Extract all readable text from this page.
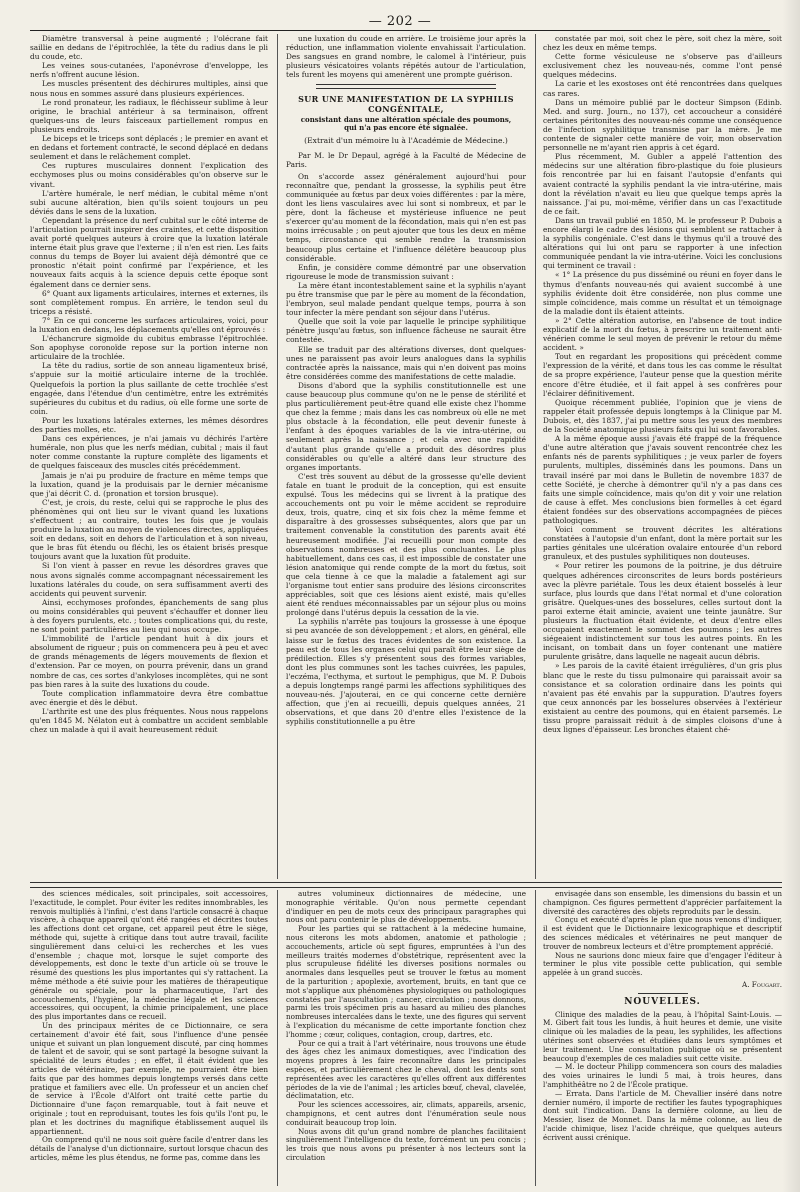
— 202 —

Diamètre transversal à peine augmenté ; l'olécrane fait saillie en dedans de l'épitrochlée, la tête du radius dans le pli du coude, etc.

Les veines sous-cutanées, l'aponévrose d'enveloppe, les nerfs n'offrent aucune lésion.

Les muscles présentent des déchirures multiples, ainsi que nous nous en sommes assuré dans plusieurs expériences.

Le rond pronateur, les radiaux, le fléchisseur sublime à leur origine, le brachial antérieur à sa terminaison, offrent quelques-uns de leurs faisceaux partiellement rompus en plusieurs endroits.

Le biceps et le triceps sont déplacés ; le premier en avant et en dedans et fortement contracté, le second déplacé en dedans seulement et dans le relâchement complet.

Ces ruptures musculaires donnent l'explication des ecchymoses plus ou moins considérables qu'on observe sur le vivant.

L'artère humérale, le nerf médian, le cubital même n'ont subi aucune altération, bien qu'ils soient toujours un peu déviés dans le sens de la luxation.

Cependant la présence du nerf cubital sur le côté interne de l'articulation pourrait inspirer des craintes, et cette disposition avait porté quelques auteurs à croire que la luxation latérale interne était plus grave que l'externe ; il n'en est rien. Les faits connus du temps de Boyer lui avaient déjà démontré que ce pronostic n'était point confirmé par l'expérience, et les nouveaux faits acquis à la science depuis cette époque sont également dans ce dernier sens.

6° Quant aux ligaments articulaires, internes et externes, ils sont complètement rompus. En arrière, le tendon seul du triceps a résisté.

7° En ce qui concerne les surfaces articulaires, voici, pour la luxation en dedans, les déplacements qu'elles ont éprouvés :

L'échancrure sigmoïde du cubitus embrasse l'épitrochlée. Son apophyse coronoïde repose sur la portion interne non articulaire de la trochlée.

La tête du radius, sortie de son anneau ligamenteux brisé, s'appuie sur la moitié articulaire interne de la trochlée. Quelquefois la portion la plus saillante de cette trochlée s'est engagée, dans l'étendue d'un centimètre, entre les extrémités supérieures du cubitus et du radius, où elle forme une sorte de coin.

Pour les luxations latérales externes, les mêmes désordres des parties molles, etc.

Dans ces expériences, je n'ai jamais vu déchirés l'artère humérale, non plus que les nerfs médian, cubital ; mais il faut noter comme constante la rupture complète des ligaments et de quelques faisceaux des muscles cités précédemment.

Jamais je n'ai pu produire de fracture en même temps que la luxation, quand je la produisais par le dernier mécanisme que j'ai décrit C. d. (pronation et torsion brusque).

C'est, je crois, du reste, celui qui se rapproche le plus des phénomènes qui ont lieu sur le vivant quand les luxations s'effectuent ; au contraire, toutes les fois que je voulais produire la luxation au moyen de violences directes, appliquées soit en dedans, soit en dehors de l'articulation et à son niveau, que le bras fût étendu ou fléchi, les os étaient brisés presque toujours avant que la luxation fût produite.

Si l'on vient à passer en revue les désordres graves que nous avons signalés comme accompagnant nécessairement les luxations latérales du coude, on sera suffisamment averti des accidents qui peuvent survenir.

Ainsi, ecchymoses profondes, épanchements de sang plus ou moins considérables qui peuvent s'échauffer et donner lieu à des foyers purulents, etc. ; toutes complications qui, du reste, ne sont point particulières au lieu qui nous occupe.

L'immobilité de l'article pendant huit à dix jours et absolument de rigueur ; puis on commencera peu à peu et avec de grands ménagements de légers mouvements de flexion et d'extension. Par ce moyen, on pourra prévenir, dans un grand nombre de cas, ces sortes d'ankyloses incomplètes, qui ne sont pas bien rares à la suite des luxations du coude.

Toute complication inflammatoire devra être combattue avec énergie et dès le début.

L'arthrite est une des plus fréquentes. Nous nous rappelons qu'en 1845 M. Nélaton eut à combattre un accident semblable chez un malade à qui il avait heureusement réduit

une luxation du coude en arrière. Le troisième jour après la réduction, une inflammation violente envahissait l'articulation. Des sangsues en grand nombre, le calomel à l'intérieur, puis plusieurs vésicatoires volants répétés autour de l'articulation, tels furent les moyens qui amenèrent une prompte guérison.

SUR UNE MANIFESTATION DE LA SYPHILIS CONGÉNITALE,
consistant dans une altération spéciale des poumons, qui n'a pas encore été signalée.
(Extrait d'un mémoire lu à l'Académie de Médecine.)

Par M. le Dr Depaul, agrégé à la Faculté de Médecine de Paris.

On s'accorde assez généralement aujourd'hui pour reconnaître que, pendant la grossesse, la syphilis peut être communiquée au fœtus par deux voies différentes : par la mère, dont les liens vasculaires avec lui sont si nombreux, et par le père, dont la fâcheuse et mystérieuse influence ne peut s'exercer qu'au moment de la fécondation, mais qui n'en est pas moins irrécusable ; on peut ajouter que tous les deux en même temps, circonstance qui semble rendre la transmission beaucoup plus certaine et l'influence délétère beaucoup plus considérable.

Enfin, je considère comme démontré par une observation rigoureuse le mode de transmission suivant :

La mère étant incontestablement saine et la syphilis n'ayant pu être transmise que par le père au moment de la fécondation, l'embryon, seul malade pendant quelque temps, pourra à son tour infecter la mère pendant son séjour dans l'utérus.

Quelle que soit la voie par laquelle le principe syphilitique pénètre jusqu'au fœtus, son influence fâcheuse ne saurait être contestée.

Elle se traduit par des altérations diverses, dont quelques-unes ne paraissent pas avoir leurs analogues dans la syphilis contractée après la naissance, mais qui n'en doivent pas moins être considérées comme des manifestations de cette maladie.

Disons d'abord que la syphilis constitutionnelle est une cause beaucoup plus commune qu'on ne le pense de stérilité et plus particulièrement peut-être quand elle existe chez l'homme que chez la femme ; mais dans les cas nombreux où elle ne met plus obstacle à la fécondation, elle peut devenir funeste à l'enfant à des époques variables de la vie intra-utérine, ou seulement après la naissance ; et cela avec une rapidité d'autant plus grande qu'elle a produit des désordres plus considérables ou qu'elle a altéré dans leur structure des organes importants.

C'est très souvent au début de la grossesse qu'elle devient fatale en tuant le produit de la conception, qui est ensuite expulsé. Tous les médecins qui se livrent à la pratique des accouchements ont pu voir le même accident se reproduire deux, trois, quatre, cinq et six fois chez la même femme et disparaître à des grossesses subséquentes, alors que par un traitement convenable la constitution des parents avait été heureusement modifiée. J'ai recueilli pour mon compte des observations nombreuses et des plus concluantes. Le plus habituellement, dans ces cas, il est impossible de constater une lésion anatomique qui rende compte de la mort du fœtus, soit que cela tienne à ce que la maladie a fatalement agi sur l'organisme tout entier sans produire des lésions circonscrites appréciables, soit que ces lésions aient existé, mais qu'elles aient été rendues méconnaissables par un séjour plus ou moins prolongé dans l'utérus depuis la cessation de la vie.

La syphilis n'arrête pas toujours la grossesse à une époque si peu avancée de son développement ; et alors, en général, elle laisse sur le fœtus des traces évidentes de son existence. La peau est de tous les organes celui qui paraît être leur siège de prédilection. Elles s'y présentent sous des formes variables, dont les plus communes sont les taches cuivrées, les papules, l'eczéma, l'ecthyma, et surtout le pemphigus, que M. P. Dubois a depuis longtemps rangé parmi les affections syphilitiques des nouveau-nés. J'ajouterai, en ce qui concerne cette dernière affection, que j'en ai recueilli, depuis quelques années, 21 observations, et que dans 20 d'entre elles l'existence de la syphilis constitutionnelle a pu être

constatée par moi, soit chez le père, soit chez la mère, soit chez les deux en même temps.

Cette forme vésiculeuse ne s'observe pas d'ailleurs exclusivement chez les nouveau-nés, comme l'ont pensé quelques médecins.

La carie et les exostoses ont été rencontrées dans quelques cas rares.

Dans un mémoire publié par le docteur Simpson (Edinb. Med. and surg. Journ., no 137), cet accoucheur a considéré certaines péritonites des nouveau-nés comme une conséquence de l'infection syphilitique transmise par la mère. Je me contente de signaler cette manière de voir, mon observation personnelle ne m'ayant rien appris à cet égard.

Plus récemment, M. Gubler a appelé l'attention des médecins sur une altération fibro-plastique du foie plusieurs fois rencontrée par lui en faisant l'autopsie d'enfants qui avaient contracté la syphilis pendant la vie intra-utérine, mais dont la révélation n'avait eu lieu que quelque temps après la naissance. J'ai pu, moi-même, vérifier dans un cas l'exactitude de ce fait.

Dans un travail publié en 1850, M. le professeur P. Dubois a encore élargi le cadre des lésions qui semblent se rattacher à la syphilis congéniale. C'est dans le thymus qu'il a trouvé des altérations qui lui ont paru se rapporter à une infection communiquée pendant la vie intra-utérine. Voici les conclusions qui terminent ce travail :

« 1° La présence du pus disséminé ou réuni en foyer dans le thymus d'enfants nouveau-nés qui avaient succombé à une syphilis évidente doit être considérée, non plus comme une simple coïncidence, mais comme un résultat et un témoignage de la maladie dont ils étaient atteints.

» 2° Cette altération autorise, en l'absence de tout indice explicatif de la mort du fœtus, à prescrire un traitement anti-vénérien comme le seul moyen de prévenir le retour du même accident. »

Tout en regardant les propositions qui précèdent comme l'expression de la vérité, et dans tous les cas comme le résultat de sa propre expérience, l'auteur pense que la question mérite encore d'être étudiée, et il fait appel à ses confrères pour l'éclairer définitivement.

Quoique récemment publiée, l'opinion que je viens de rappeler était professée depuis longtemps à la Clinique par M. Dubois, et, dès 1837, j'ai pu mettre sous les yeux des membres de la Société anatomique plusieurs faits qui lui sont favorables.

A la même époque aussi j'avais été frappé de la fréquence d'une autre altération que j'avais souvent rencontrée chez les enfants nés de parents syphilitiques ; je veux parler de foyers purulents, multiples, disséminés dans les poumons. Dans un travail inséré par moi dans le Bulletin de novembre 1837 de cette Société, je cherche à démontrer qu'il n'y a pas dans ces faits une simple coïncidence, mais qu'on dit y voir une relation de cause à effet. Mes conclusions bien formelles à cet égard étaient fondées sur des observations accompagnées de pièces pathologiques.

Voici comment se trouvent décrites les altérations constatées à l'autopsie d'un enfant, dont la mère portait sur les parties génitales une ulcération ovalaire entourée d'un rebord granuleux, et des pustules syphilitiques non douteuses.

« Pour retirer les poumons de la poitrine, je dus détruire quelques adhérences circonscrites de leurs bords postérieurs avec la plèvre pariétale. Tous les deux étaient bosselés à leur surface, plus lourds que dans l'état normal et d'une coloration grisâtre. Quelques-unes des bosselures, celles surtout dont la paroi externe était amincie, avaient une teinte jaunâtre. Sur plusieurs la fluctuation était évidente, et deux d'entre elles occupaient exactement le sommet des poumons ; les autres siégeaient indistinctement sur tous les autres points. En les incisant, on tombait dans un foyer contenant une matière purulente grisâtre, dans laquelle ne nageait aucun débris.

» Les parois de la cavité étaient irrégulières, d'un gris plus blanc que le reste du tissu pulmonaire qui paraissait avoir sa consistance et sa coloration ordinaire dans les points qui n'avaient pas été envahis par la suppuration. D'autres foyers que ceux annoncés par les bosselures observées à l'extérieur existaient au centre des poumons, qui en étaient parsemés. Le tissu propre paraissait réduit à de simples cloisons d'une à deux lignes d'épaisseur. Les bronches étaient ché-

des sciences médicales, soit principales, soit accessoires, l'exactitude, le complet. Pour éviter les redites innombrables, les renvois multipliés à l'infini, c'est dans l'article consacré à chaque viscère, à chaque appareil qu'ont été rangées et décrites toutes les affections dont cet organe, cet appareil peut être le siège, méthode qui, sujette à critique dans tout autre travail, facilite singulièrement dans celui-ci les recherches et les vues d'ensemble ; chaque mot, lorsque le sujet comporte des développements, est donc le texte d'un article où se trouve le résumé des questions les plus importantes qui s'y rattachent. La même méthode a été suivie pour les matières de thérapeutique générale ou spéciale, pour la pharmaceutique, l'art des accouchements, l'hygiène, la médecine légale et les sciences accessoires, qui occupent, la chimie principalement, une place des plus importantes dans ce recueil.

Un des principaux mérites de ce Dictionnaire, ce sera certainement d'avoir été fait, sous l'influence d'une pensée unique et suivant un plan longuement discuté, par cinq hommes de talent et de savoir, qui se sont partagé la besogne suivant la spécialité de leurs études ; en effet, il était évident que les articles de vétérinaire, par exemple, ne pourraient être bien faits que par des hommes depuis longtemps versés dans cette pratique et familiers avec elle. Un professeur et un ancien chef de service à l'École d'Alfort ont traité cette partie du Dictionnaire d'une façon remarquable, tout à fait neuve et originale ; tout en reproduisant, toutes les fois qu'ils l'ont pu, le plan et les doctrines du magnifique établissement auquel ils appartiennent.

On comprend qu'il ne nous soit guère facile d'entrer dans les détails de l'analyse d'un dictionnaire, surtout lorsque chacun des articles, même les plus étendus, ne forme pas, comme dans les

autres volumineux dictionnaires de médecine, une monographie véritable. Qu'on nous permette cependant d'indiquer en peu de mots ceux des principaux paragraphes qui nous ont paru contenir le plus de développements.

Pour les parties qui se rattachent à la médecine humaine, nous citerons les mots abdomen, anatomie et pathologie ; accouchements, article où sept figures, empruntées à l'un des meilleurs traités modernes d'obstétrique, représentent avec la plus scrupuleuse fidélité les diverses positions normales ou anormales dans lesquelles peut se trouver le fœtus au moment de la parturition ; apoplexie, avortement, bruits, en tant que ce mot s'applique aux phénomènes physiologiques ou pathologiques constatés par l'auscultation ; cancer, circulation ; nous donnons, parmi les trois spécimen pris au hasard au milieu des planches nombreuses intercalées dans le texte, une des figures qui servent à l'explication du mécanisme de cette importante fonction chez l'homme ; cœur, coliques, contagion, croup, dartres, etc.

Pour ce qui a trait à l'art vétérinaire, nous trouvons une étude des âges chez les animaux domestiques, avec l'indication des moyens propres à les faire reconnaître dans les principales espèces, et particulièrement chez le cheval, dont les dents sont représentées avec les caractères qu'elles offrent aux différentes périodes de la vie de l'animal ; les articles bœuf, cheval, clavelée, déclimatation, etc.

Pour les sciences accessoires, air, climats, appareils, arsenic, champignons, et cent autres dont l'énumération seule nous conduirait beaucoup trop loin.

Nous avons dit qu'un grand nombre de planches facilitaient singulièrement l'intelligence du texte, forcément un peu concis ; les trois que nous avons pu présenter à nos lecteurs sont la circulation

envisagée dans son ensemble, les dimensions du bassin et un champignon. Ces figures permettent d'apprécier parfaitement la diversité des caractères des objets reproduits par le dessin.

Conçu et exécuté d'après le plan que nous venons d'indiquer, il est évident que le Dictionnaire lexicographique et descriptif des sciences médicales et vétérinaires ne peut manquer de trouver de nombreux lecteurs et d'être promptement apprécié.

Nous ne saurions donc mieux faire que d'engager l'éditeur à terminer le plus vite possible cette publication, qui semble appelée à un grand succès.

A. Fougart.

NOUVELLES.

Clinique des maladies de la peau, à l'hôpital Saint-Louis. — M. Gibert fait tous les lundis, à huit heures et demie, une visite clinique où les maladies de la peau, les syphilides, les affections utérines sont observées et étudiées dans leurs symptômes et leur traitement. Une consultation publique où se présentent beaucoup d'exemples de ces maladies suit cette visite.

— M. le docteur Philipp commencera son cours des maladies des voies urinaires le lundi 5 mai, à trois heures, dans l'amphithéâtre no 2 de l'École pratique.

— Errata. Dans l'article de M. Chevallier inséré dans notre dernier numéro, il importe de rectifier les fautes typographiques dont suit l'indication. Dans la dernière colonne, au lieu de Messier, lisez de Monnet. Dans la même colonne, au lieu de l'acide chimique, lisez l'acide chréique, que quelques auteurs écrivent aussi crénique.
